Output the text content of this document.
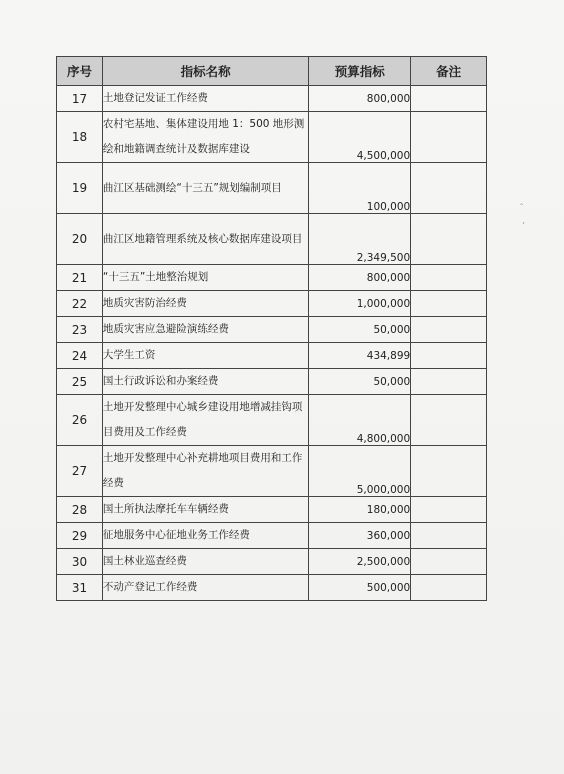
序号	指标名称	预算指标	备注
17	土地登记发证工作经费	800,000	
18	农村宅基地、集体建设用地 1：500 地形测绘和地籍调查统计及数据库建设	4,500,000	
19	曲江区基础测绘“十三五”规划编制项目	100,000	
20	曲江区地籍管理系统及核心数据库建设项目	2,349,500	
21	“十三五”土地整治规划	800,000	
22	地质灾害防治经费	1,000,000	
23	地质灾害应急避险演练经费	50,000	
24	大学生工资	434,899	
25	国土行政诉讼和办案经费	50,000	
26	土地开发整理中心城乡建设用地增减挂钩项目费用及工作经费	4,800,000	
27	土地开发整理中心补充耕地项目费用和工作经费	5,000,000	
28	国土所执法摩托车车辆经费	180,000	
29	征地服务中心征地业务工作经费	360,000	
30	国土林业巡查经费	2,500,000	
31	不动产登记工作经费	500,000	
‸
’
